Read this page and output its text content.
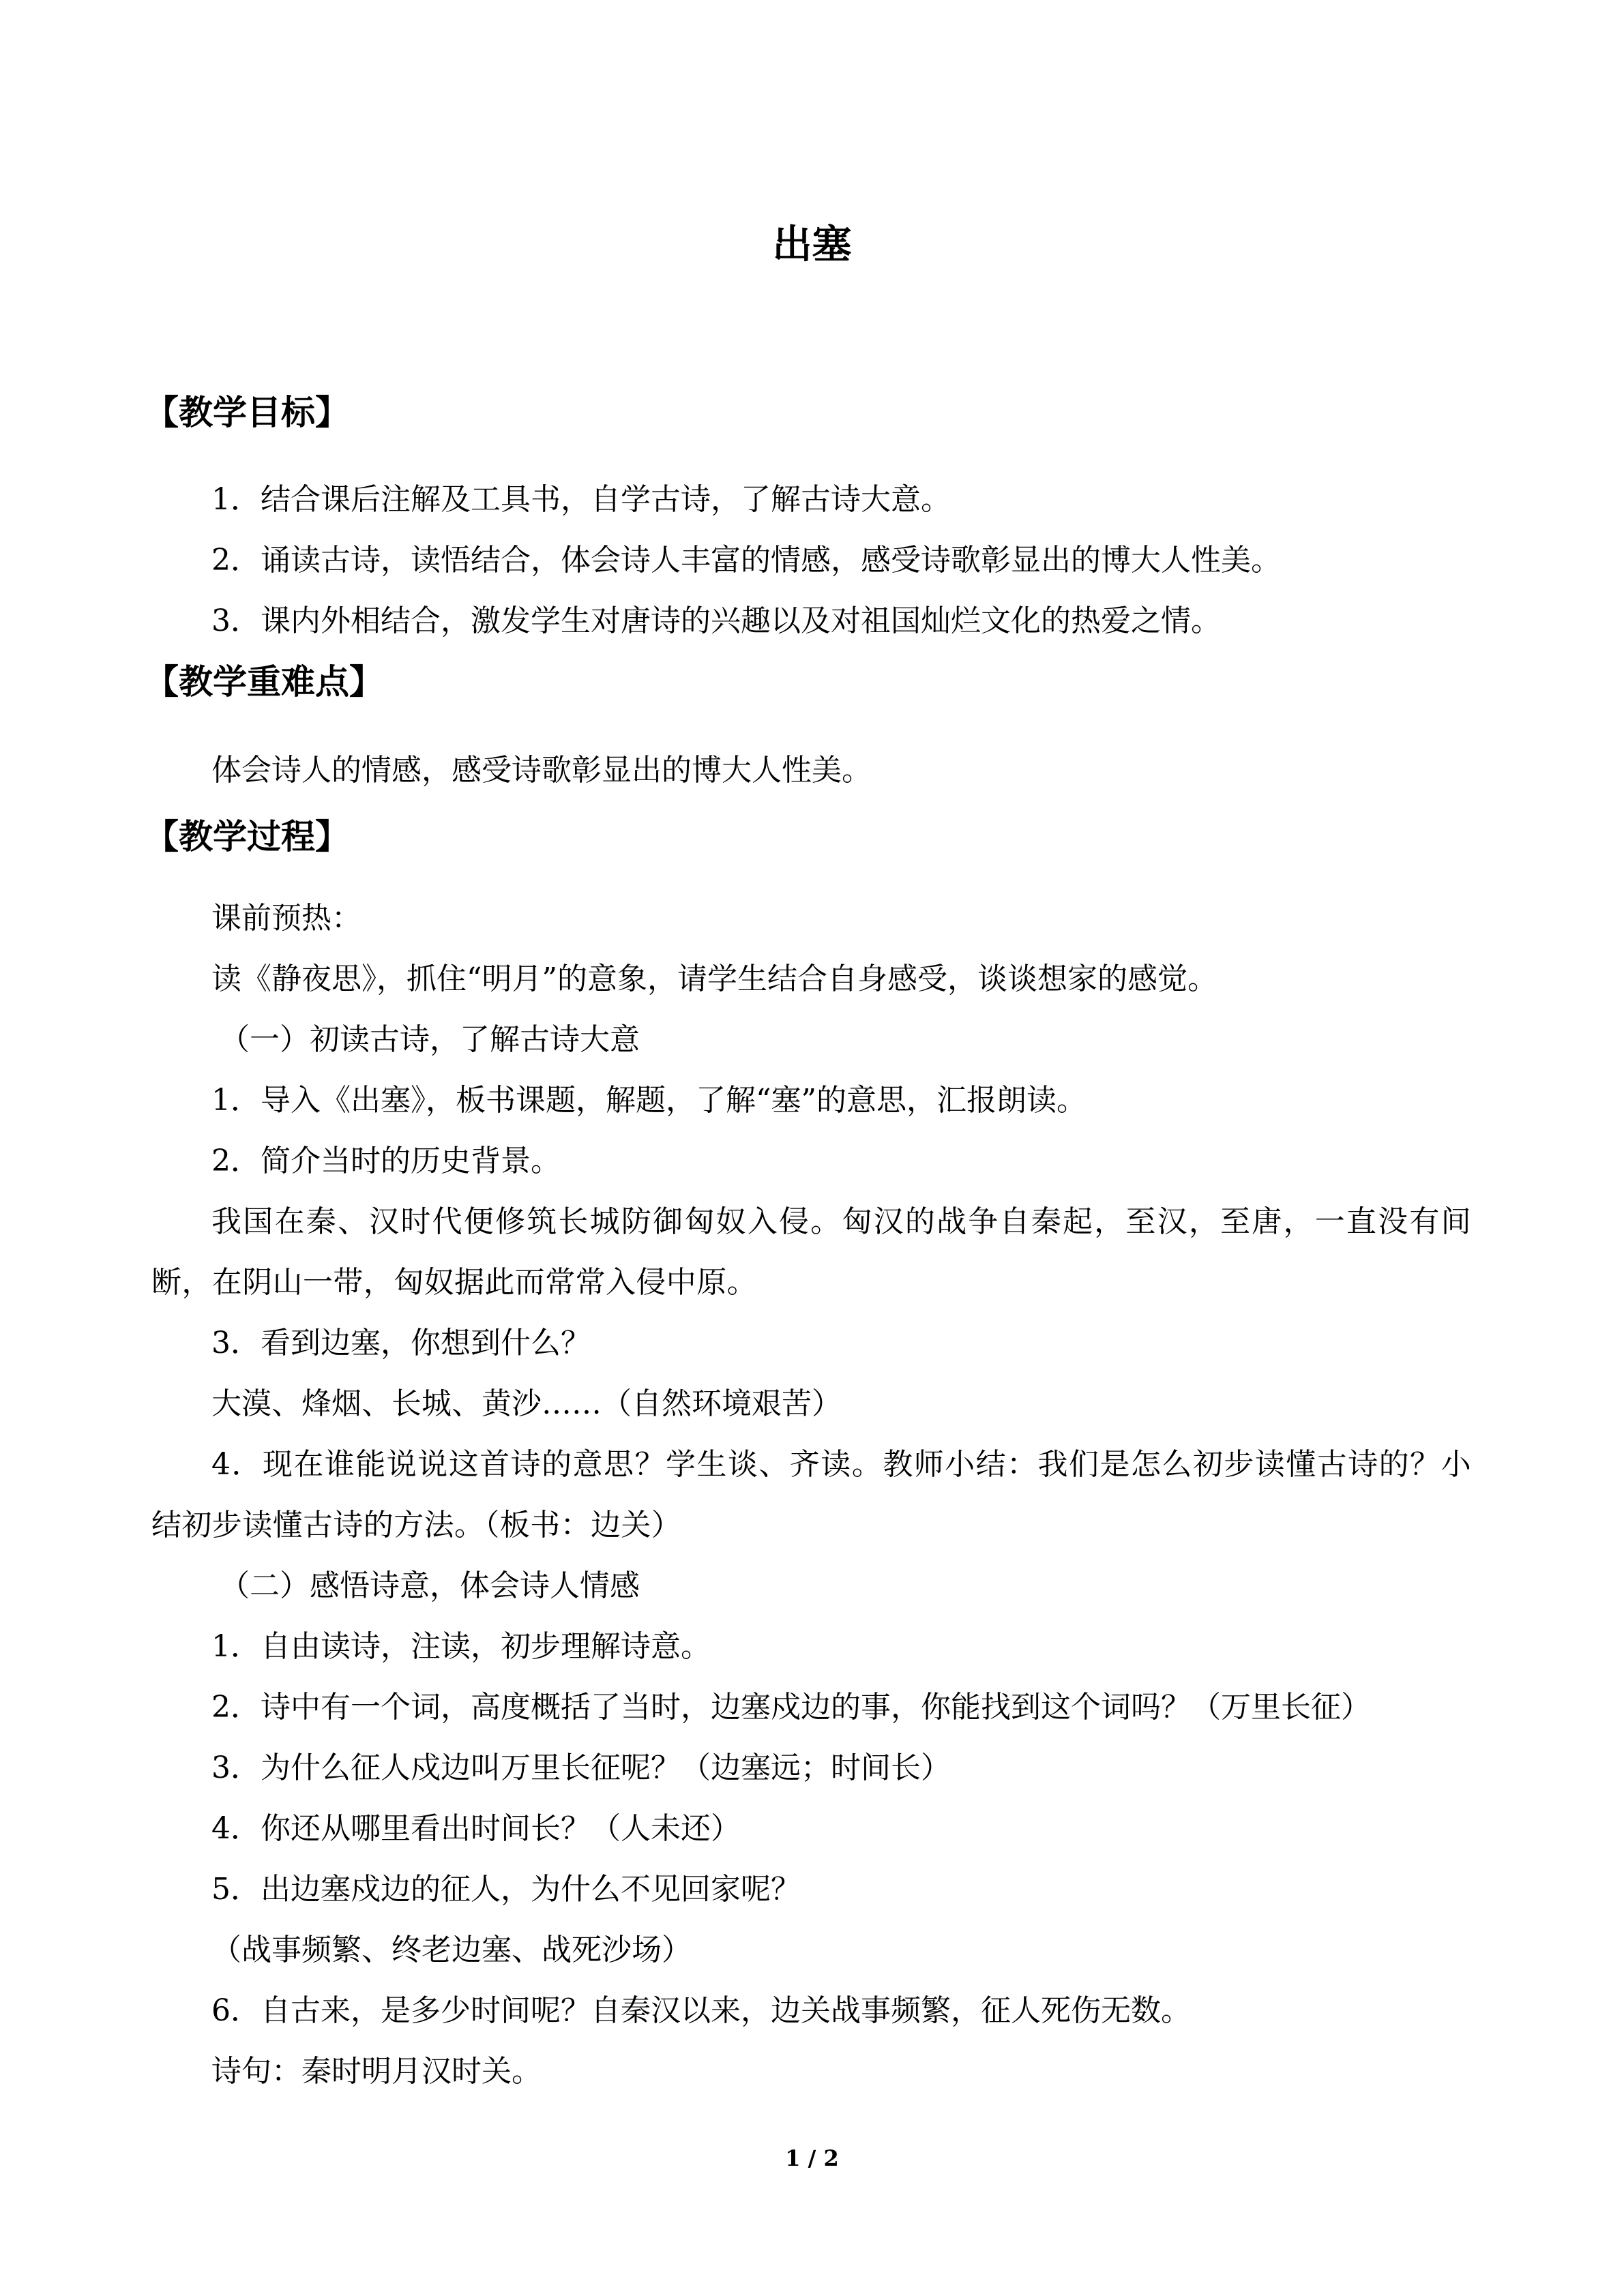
出塞
【教学目标】

1．结合课后注解及工具书，自学古诗，了解古诗大意。

2．诵读古诗，读悟结合，体会诗人丰富的情感，感受诗歌彰显出的博大人性美。

3．课内外相结合，激发学生对唐诗的兴趣以及对祖国灿烂文化的热爱之情。

【教学重难点】

体会诗人的情感，感受诗歌彰显出的博大人性美。

【教学过程】

课前预热：

读《静夜思》，抓住“明月”的意象，请学生结合自身感受，谈谈想家的感觉。

（一）初读古诗，了解古诗大意

1．导入《出塞》，板书课题，解题，了解“塞”的意思，汇报朗读。

2．简介当时的历史背景。

我国在秦、汉时代便修筑长城防御匈奴入侵。匈汉的战争自秦起，至汉，至唐，一直没有间断，在阴山一带，匈奴据此而常常入侵中原。

3．看到边塞，你想到什么？

大漠、烽烟、长城、黄沙……（自然环境艰苦）

4．现在谁能说说这首诗的意思？学生谈、齐读。教师小结：我们是怎么初步读懂古诗的？小结初步读懂古诗的方法。（板书：边关）

（二）感悟诗意，体会诗人情感

1．自由读诗，注读，初步理解诗意。

2．诗中有一个词，高度概括了当时，边塞戍边的事，你能找到这个词吗？（万里长征）

3．为什么征人戍边叫万里长征呢？（边塞远；时间长）

4．你还从哪里看出时间长？（人未还）

5．出边塞戍边的征人，为什么不见回家呢？

（战事频繁、终老边塞、战死沙场）

6．自古来，是多少时间呢？自秦汉以来，边关战事频繁，征人死伤无数。

诗句：秦时明月汉时关。

1 / 2
